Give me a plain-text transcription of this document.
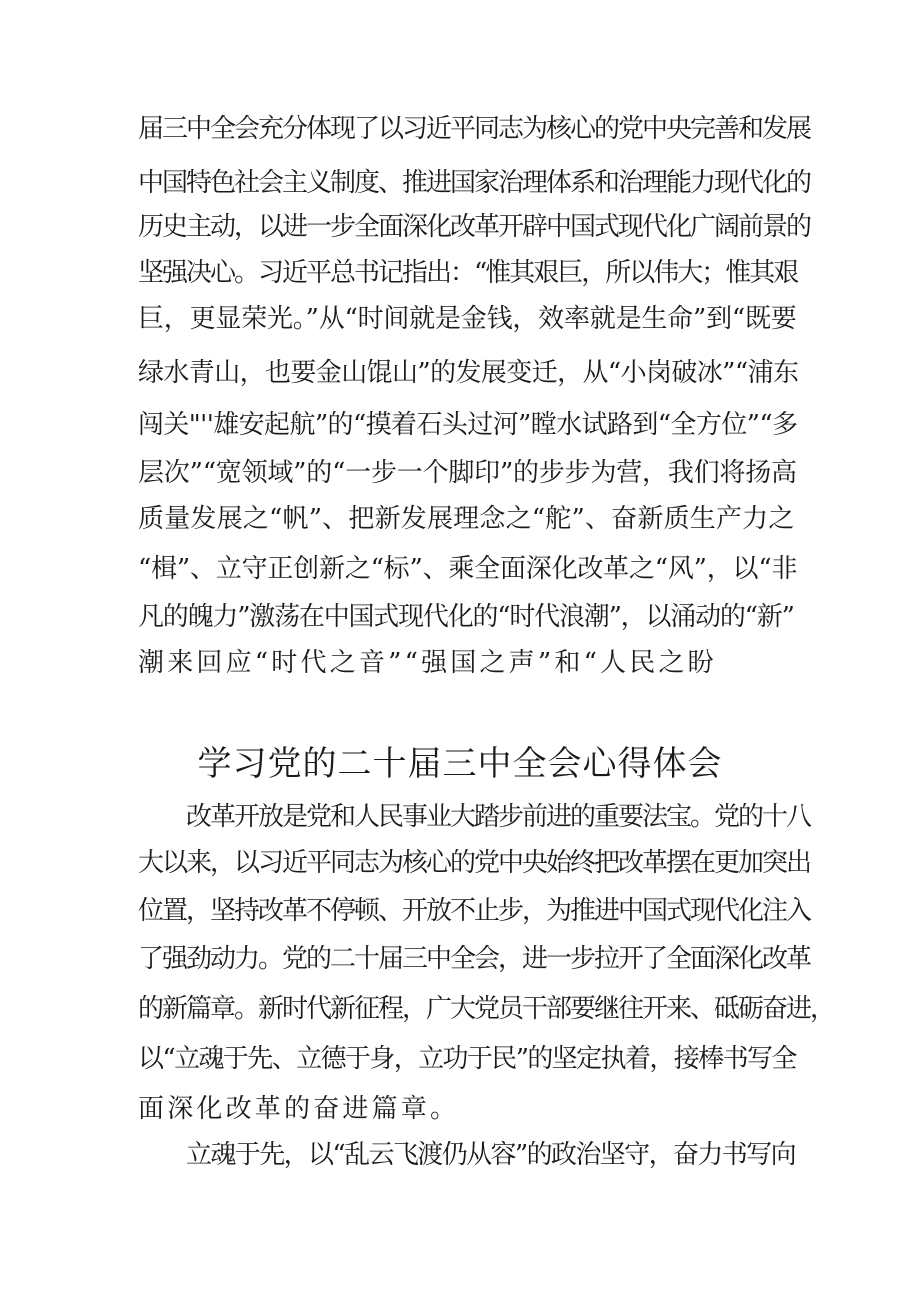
届三中全会充分体现了以习近平同志为核心的党中央完善和发展
中国特色社会主义制度、推进国家治理体系和治理能力现代化的
历史主动，以进一步全面深化改革开辟中国式现代化广阔前景的
坚强决心。习近平总书记指出：“惟其艰巨，所以伟大；惟其艰
巨，更显荣光。”从“时间就是金钱，效率就是生命”到“既要
绿水青山，也要金山馄山”的发展变迁，从“小岗破冰”“浦东
闯关"''雄安起航”的“摸着石头过河”瞠水试路到“全方位”“多
层次”“宽领域”的“一步一个脚印”的步步为营，我们将扬高
质量发展之“帆”、把新发展理念之“舵”、奋新质生产力之
“楫”、立守正创新之“标”、乘全面深化改革之“风”，以“非
凡的魄力”激荡在中国式现代化的“时代浪潮”，以涌动的“新”
潮来回应“时代之音”“强国之声”和“人民之盼
学习党的二十届三中全会心得体会
改革开放是党和人民事业大踏步前进的重要法宝。党的十八
大以来，以习近平同志为核心的党中央始终把改革摆在更加突出
位置，坚持改革不停顿、开放不止步，为推进中国式现代化注入
了强劲动力。党的二十届三中全会，进一步拉开了全面深化改革
的新篇章。新时代新征程，广大党员干部要继往开来、砥砺奋进，
以“立魂于先、立德于身，立功于民”的坚定执着，接棒书写全
面深化改革的奋进篇章。
立魂于先，以“乱云飞渡仍从容”的政治坚守，奋力书写向
